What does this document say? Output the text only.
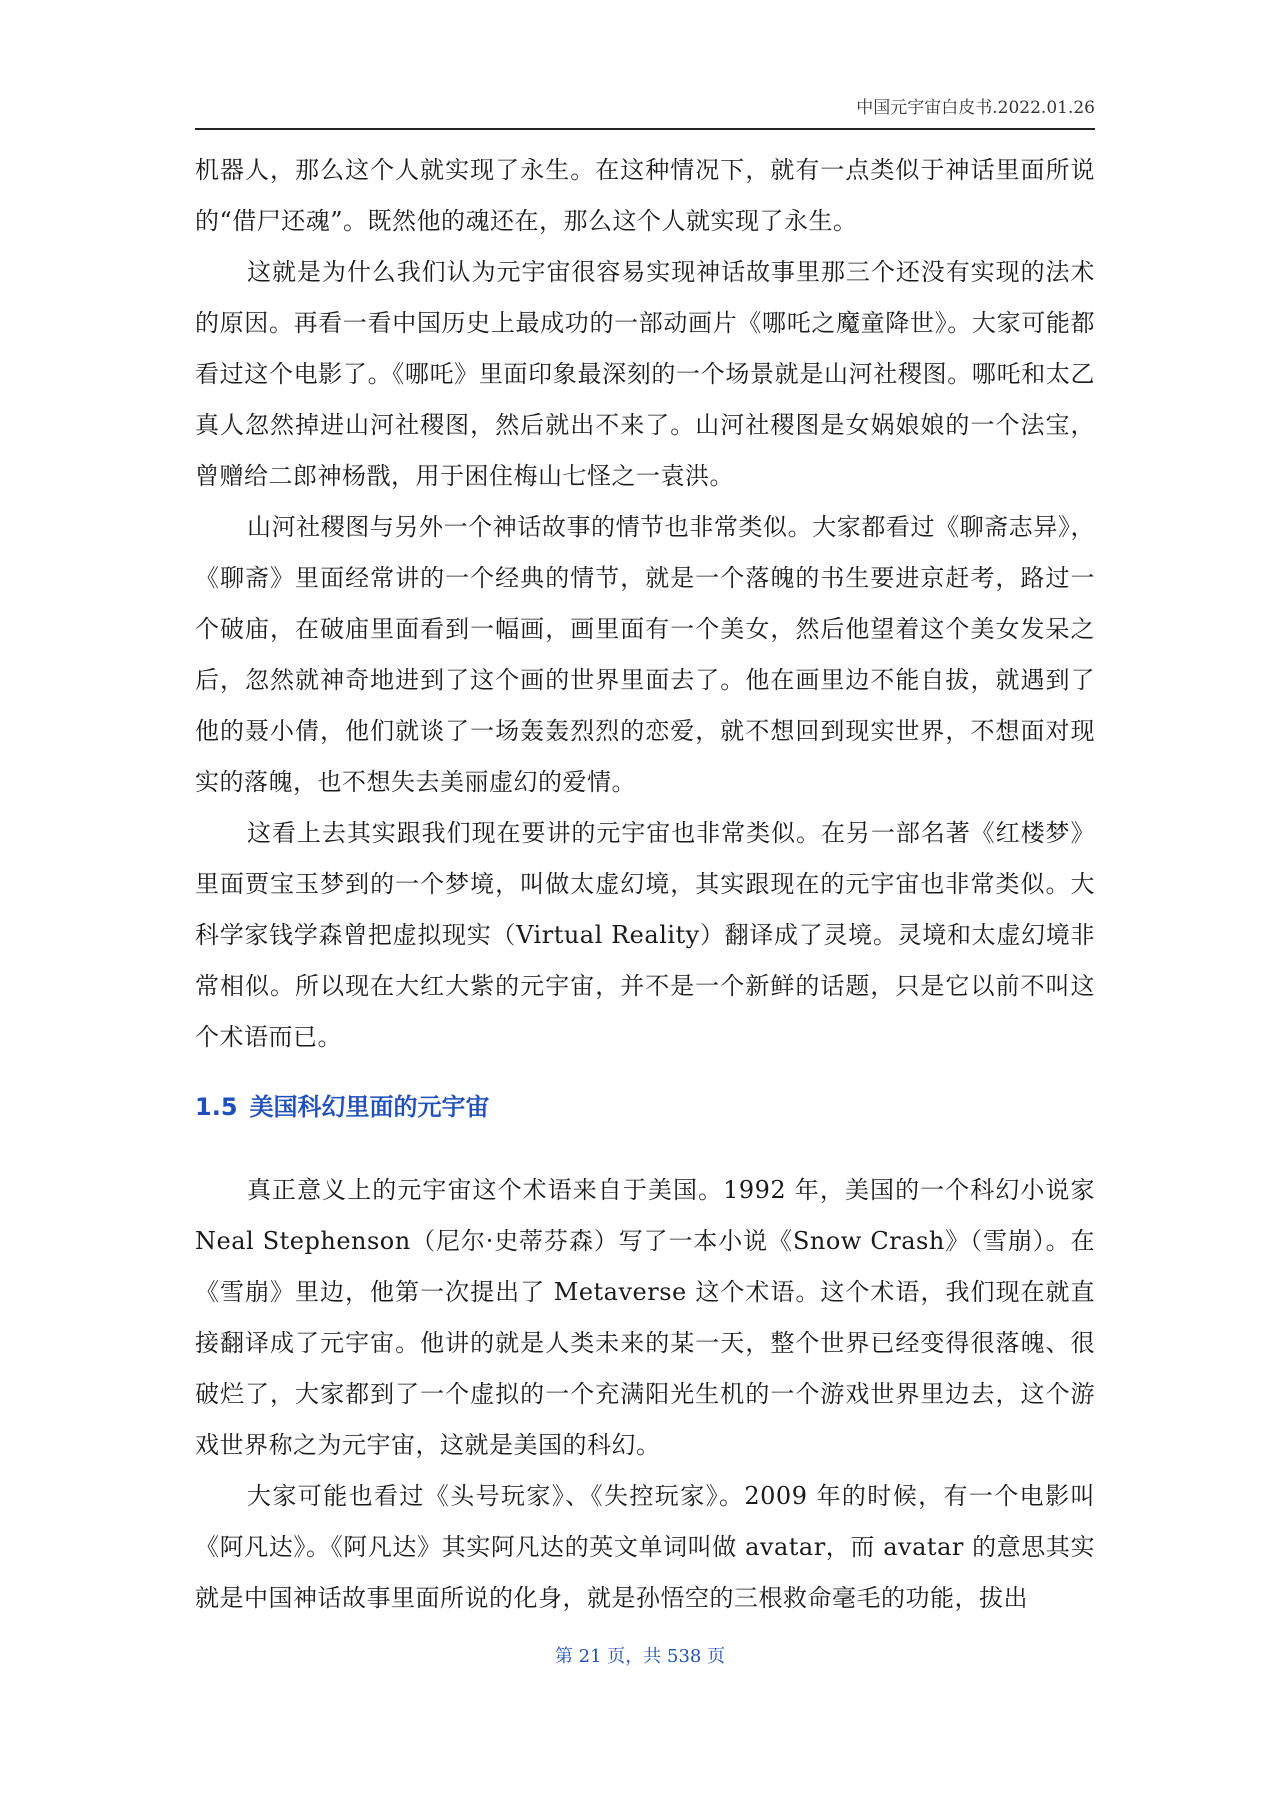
中国元宇宙白皮书.2022.01.26

机器人，那么这个人就实现了永生。在这种情况下，就有一点类似于神话里面所说的“借尸还魂”。既然他的魂还在，那么这个人就实现了永生。

这就是为什么我们认为元宇宙很容易实现神话故事里那三个还没有实现的法术的原因。再看一看中国历史上最成功的一部动画片《哪吒之魔童降世》。大家可能都看过这个电影了。《哪吒》里面印象最深刻的一个场景就是山河社稷图。哪吒和太乙真人忽然掉进山河社稷图，然后就出不来了。山河社稷图是女娲娘娘的一个法宝，曾赠给二郎神杨戬，用于困住梅山七怪之一袁洪。

山河社稷图与另外一个神话故事的情节也非常类似。大家都看过《聊斋志异》，《聊斋》里面经常讲的一个经典的情节，就是一个落魄的书生要进京赶考，路过一个破庙，在破庙里面看到一幅画，画里面有一个美女，然后他望着这个美女发呆之后，忽然就神奇地进到了这个画的世界里面去了。他在画里边不能自拔，就遇到了他的聂小倩，他们就谈了一场轰轰烈烈的恋爱，就不想回到现实世界，不想面对现实的落魄，也不想失去美丽虚幻的爱情。

这看上去其实跟我们现在要讲的元宇宙也非常类似。在另一部名著《红楼梦》里面贾宝玉梦到的一个梦境，叫做太虚幻境，其实跟现在的元宇宙也非常类似。大科学家钱学森曾把虚拟现实（Virtual Reality）翻译成了灵境。灵境和太虚幻境非常相似。所以现在大红大紫的元宇宙，并不是一个新鲜的话题，只是它以前不叫这个术语而已。

1.5 美国科幻里面的元宇宙

真正意义上的元宇宙这个术语来自于美国。1992 年，美国的一个科幻小说家 Neal Stephenson（尼尔·史蒂芬森）写了一本小说《Snow Crash》（雪崩）。在《雪崩》里边，他第一次提出了 Metaverse 这个术语。这个术语，我们现在就直接翻译成了元宇宙。他讲的就是人类未来的某一天，整个世界已经变得很落魄、很破烂了，大家都到了一个虚拟的一个充满阳光生机的一个游戏世界里边去，这个游戏世界称之为元宇宙，这就是美国的科幻。

大家可能也看过《头号玩家》、《失控玩家》。2009 年的时候，有一个电影叫《阿凡达》。《阿凡达》其实阿凡达的英文单词叫做 avatar，而 avatar 的意思其实就是中国神话故事里面所说的化身，就是孙悟空的三根救命毫毛的功能，拔出

第 21 页，共 538 页
